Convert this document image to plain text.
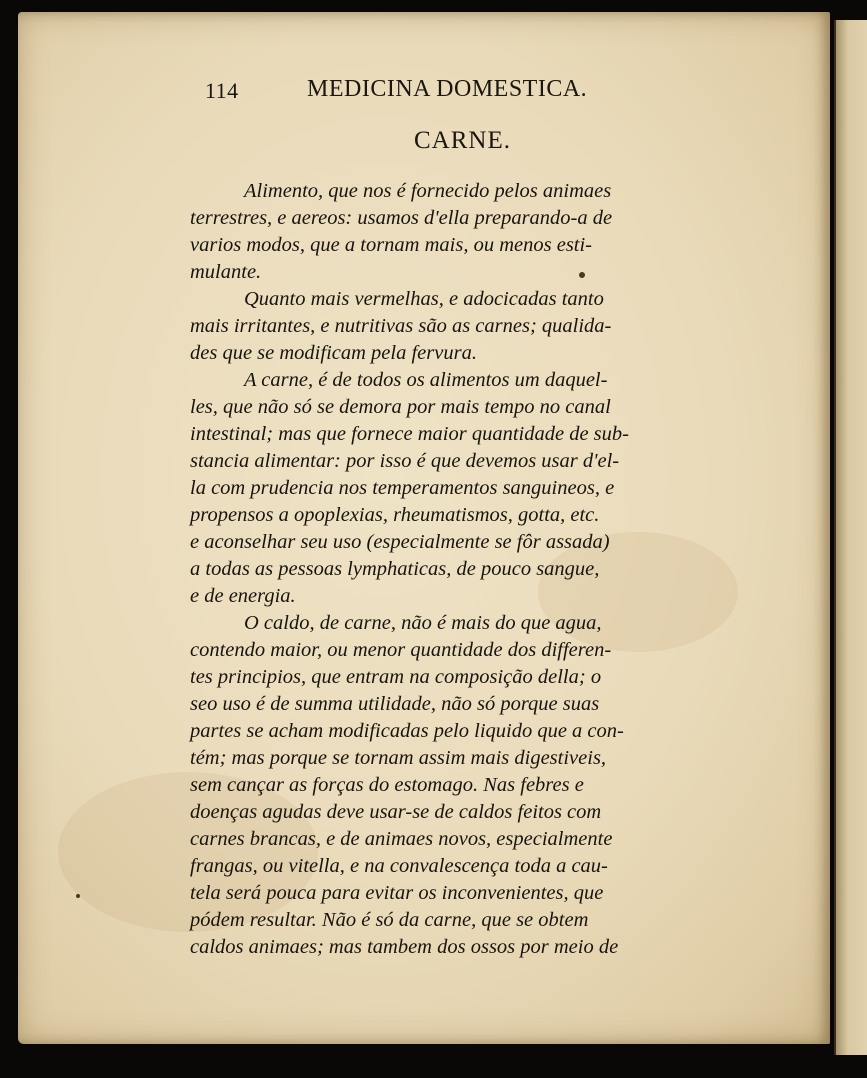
114	MEDICINA DOMESTICA.
CARNE.
Alimento, que nos é fornecido pelos animaes
terrestres, e aereos: usamos d'ella preparando-a de
varios modos, que a tornam mais, ou menos esti-
mulante.
Quanto mais vermelhas, e adocicadas tanto
mais irritantes, e nutritivas são as carnes; qualida-
des que se modificam pela fervura.
A carne, é de todos os alimentos um daquel-
les, que não só se demora por mais tempo no canal
intestinal; mas que fornece maior quantidade de sub-
stancia alimentar: por isso é que devemos usar d'el-
la com prudencia nos temperamentos sanguineos, e
propensos a opoplexias, rheumatismos, gotta, etc.
e aconselhar seu uso (especialmente se fôr assada)
a todas as pessoas lymphaticas, de pouco sangue,
e de energia.
O caldo, de carne, não é mais do que agua,
contendo maior, ou menor quantidade dos differen-
tes principios, que entram na composição della; o
seo uso é de summa utilidade, não só porque suas
partes se acham modificadas pelo liquido que a con-
tém; mas porque se tornam assim mais digestiveis,
sem cançar as forças do estomago. Nas febres e
doenças agudas deve usar-se de caldos feitos com
carnes brancas, e de animaes novos, especialmente
frangas, ou vitella, e na convalescença toda a cau-
tela será pouca para evitar os inconvenientes, que
pódem resultar. Não é só da carne, que se obtem
caldos animaes; mas tambem dos ossos por meio de
